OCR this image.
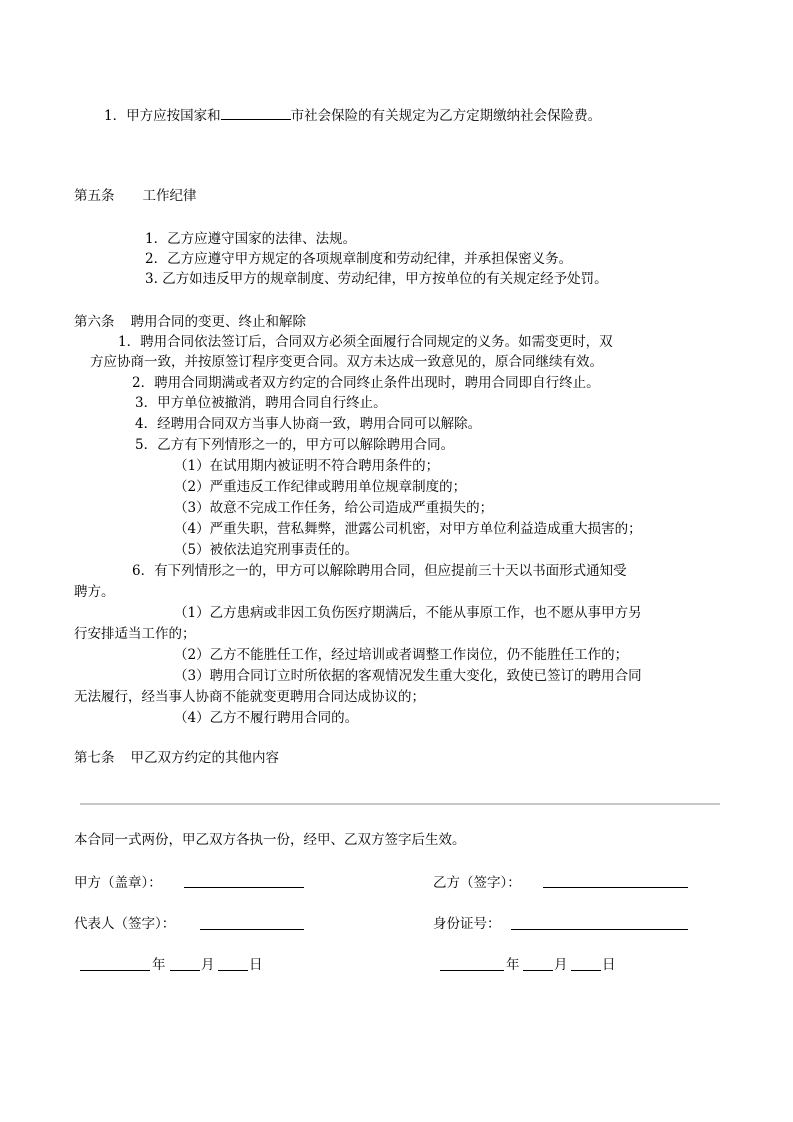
1．甲方应按国家和	市社会保险的有关规定为乙方定期缴纳社会保险费。
第五条 工作纪律
1．乙方应遵守国家的法律、法规。
2．乙方应遵守甲方规定的各项规章制度和劳动纪律，并承担保密义务。
3. 乙方如违反甲方的规章制度、劳动纪律，甲方按单位的有关规定经予处罚。
第六条 聘用合同的变更、终止和解除
1．聘用合同依法签订后，合同双方必须全面履行合同规定的义务。如需变更时，双
方应协商一致，并按原签订程序变更合同。双方未达成一致意见的，原合同继续有效。
2．聘用合同期满或者双方约定的合同终止条件出现时，聘用合同即自行终止。
3．甲方单位被撤消，聘用合同自行终止。
4．经聘用合同双方当事人协商一致，聘用合同可以解除。
5．乙方有下列情形之一的，甲方可以解除聘用合同。
（1）在试用期内被证明不符合聘用条件的；
（2）严重违反工作纪律或聘用单位规章制度的；
（3）故意不完成工作任务，给公司造成严重损失的；
（4）严重失职，营私舞弊，泄露公司机密，对甲方单位利益造成重大损害的；
（5）被依法追究刑事责任的。
6．有下列情形之一的，甲方可以解除聘用合同，但应提前三十天以书面形式通知受
聘方。
（1）乙方患病或非因工负伤医疗期满后，不能从事原工作，也不愿从事甲方另
行安排适当工作的；
（2）乙方不能胜任工作，经过培训或者调整工作岗位，仍不能胜任工作的；
（3）聘用合同订立时所依据的客观情况发生重大变化，致使已签订的聘用合同
无法履行，经当事人协商不能就变更聘用合同达成协议的；
（4）乙方不履行聘用合同的。
第七条 甲乙双方约定的其他内容
本合同一式两份，甲乙双方各执一份，经甲、乙双方签字后生效。
甲方（盖章）：	乙方（签字）：
代表人（签字）：	身份证号：
年	月	日	年	月	日
